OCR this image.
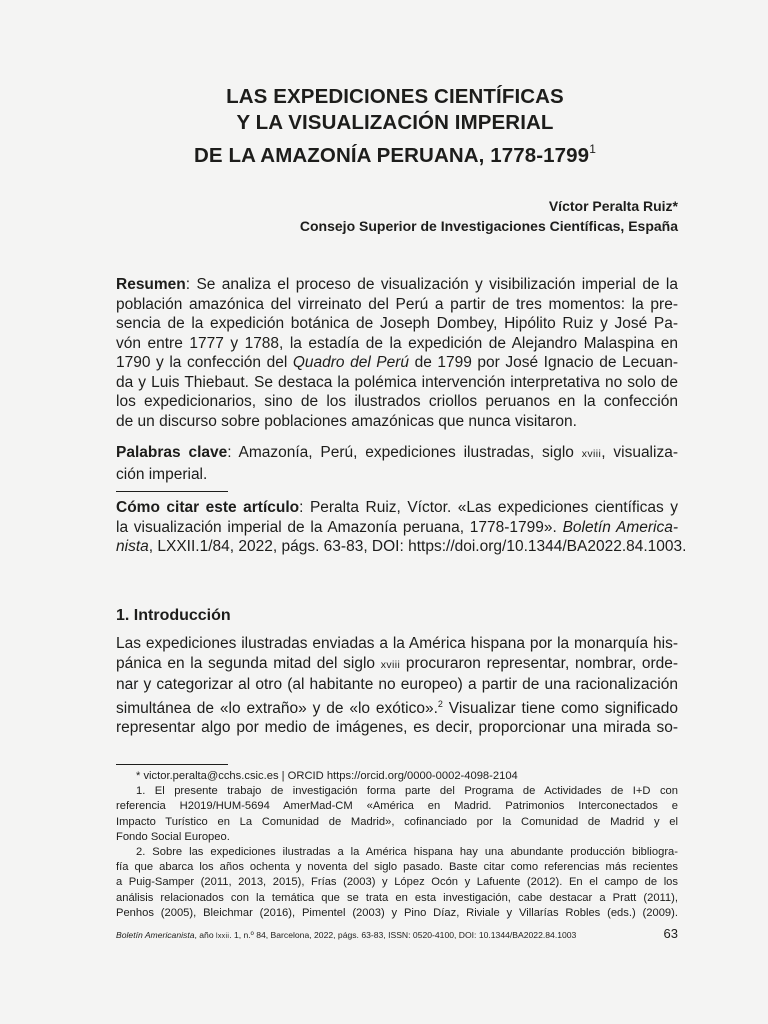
LAS EXPEDICIONES CIENTÍFICAS
Y LA VISUALIZACIÓN IMPERIAL
DE LA AMAZONÍA PERUANA, 1778-1799$^1$
Víctor Peralta Ruiz*
Consejo Superior de Investigaciones Científicas, España
Resumen: Se analiza el proceso de visualización y visibilización imperial de la
población amazónica del virreinato del Perú a partir de tres momentos: la pre-
sencia de la expedición botánica de Joseph Dombey, Hipólito Ruiz y José Pa-
vón entre 1777 y 1788, la estadía de la expedición de Alejandro Malaspina en
1790 y la confección del Quadro del Perú de 1799 por José Ignacio de Lecuan-
da y Luis Thiebaut. Se destaca la polémica intervención interpretativa no solo de
los expedicionarios, sino de los ilustrados criollos peruanos en la confección
de un discurso sobre poblaciones amazónicas que nunca visitaron.
Palabras clave: Amazonía, Perú, expediciones ilustradas, siglo xviii, visualiza-
ción imperial.
Cómo citar este artículo: Peralta Ruiz, Víctor. «Las expediciones científicas y
la visualización imperial de la Amazonía peruana, 1778-1799». Boletín America-
nista, LXXII.1/84, 2022, págs. 63-83, DOI: https://doi.org/10.1344/BA2022.84.1003.
1. Introducción
Las expediciones ilustradas enviadas a la América hispana por la monarquía his-
pánica en la segunda mitad del siglo xviii procuraron representar, nombrar, orde-
nar y categorizar al otro (al habitante no europeo) a partir de una racionalización
simultánea de «lo extraño» y de «lo exótico».$^2$ Visualizar tiene como significado
representar algo por medio de imágenes, es decir, proporcionar una mirada so-
* victor.peralta@cchs.csic.es | ORCID https://orcid.org/0000-0002-4098-2104
1. El presente trabajo de investigación forma parte del Programa de Actividades de I+D con
referencia H2019/HUM-5694 AmerMad-CM «América en Madrid. Patrimonios Interconectados e
Impacto Turístico en La Comunidad de Madrid», cofinanciado por la Comunidad de Madrid y el
Fondo Social Europeo.
2. Sobre las expediciones ilustradas a la América hispana hay una abundante producción bibliogra-
fía que abarca los años ochenta y noventa del siglo pasado. Baste citar como referencias más recientes
a Puig-Samper (2011, 2013, 2015), Frías (2003) y López Ocón y Lafuente (2012). En el campo de los
análisis relacionados con la temática que se trata en esta investigación, cabe destacar a Pratt (2011),
Penhos (2005), Bleichmar (2016), Pimentel (2003) y Pino Díaz, Riviale y Villarías Robles (eds.) (2009).
Boletín Americanista, año lxxii. 1, n.º 84, Barcelona, 2022, págs. 63-83, ISSN: 0520-4100, DOI: 10.1344/BA2022.84.1003	63
